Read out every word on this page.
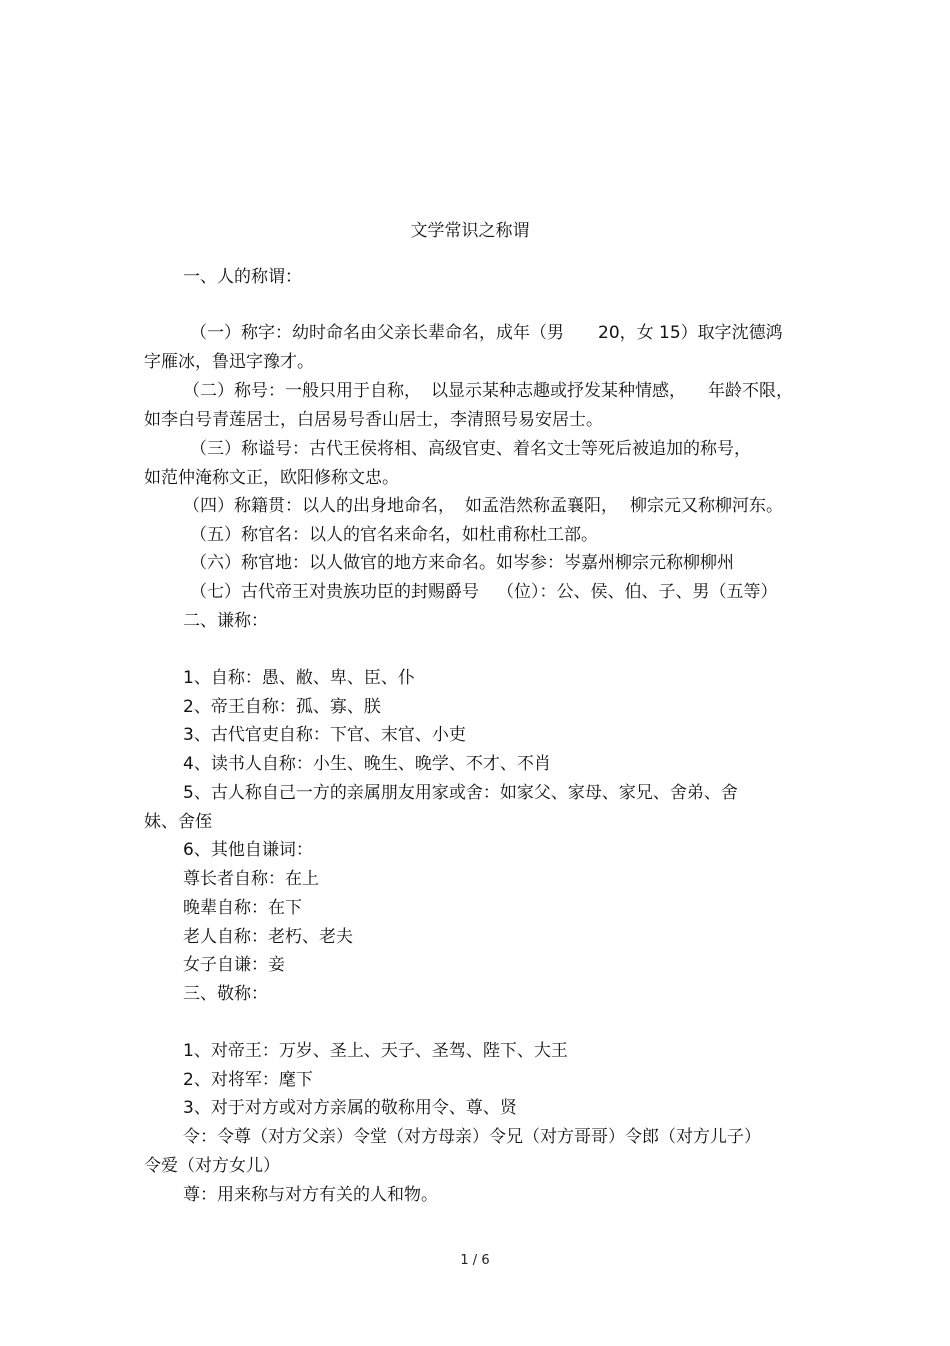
文学常识之称谓

一、人的称谓：

（一）称字：幼时命名由父亲长辈命名，成年（男 20，女 15）取字沈德鸿

字雁冰，鲁迅字豫才。

（二）称号：一般只用于自称， 以显示某种志趣或抒发某种情感， 年龄不限，

如李白号青莲居士，白居易号香山居士，李清照号易安居士。

（三）称谥号：古代王侯将相、高级官吏、着名文士等死后被追加的称号，

如范仲淹称文正，欧阳修称文忠。

（四）称籍贯：以人的出身地命名， 如孟浩然称孟襄阳， 柳宗元又称柳河东。

（五）称官名：以人的官名来命名，如杜甫称杜工部。

（六）称官地：以人做官的地方来命名。如岑参：岑嘉州柳宗元称柳柳州

（七）古代帝王对贵族功臣的封赐爵号 （位）：公、侯、伯、子、男（五等）

二、谦称：

1、自称：愚、敝、卑、臣、仆

2、帝王自称：孤、寡、朕

3、古代官吏自称：下官、末官、小吏

4、读书人自称：小生、晚生、晚学、不才、不肖

5、古人称自己一方的亲属朋友用家或舍：如家父、家母、家兄、舍弟、舍

妹、舍侄

6、其他自谦词：

尊长者自称：在上

晚辈自称：在下

老人自称：老朽、老夫

女子自谦：妾

三、敬称：

1、对帝王：万岁、圣上、天子、圣驾、陛下、大王

2、对将军：麾下

3、对于对方或对方亲属的敬称用令、尊、贤

令：令尊（对方父亲）令堂（对方母亲）令兄（对方哥哥）令郎（对方儿子）

令爱（对方女儿）

尊：用来称与对方有关的人和物。

1 / 6
